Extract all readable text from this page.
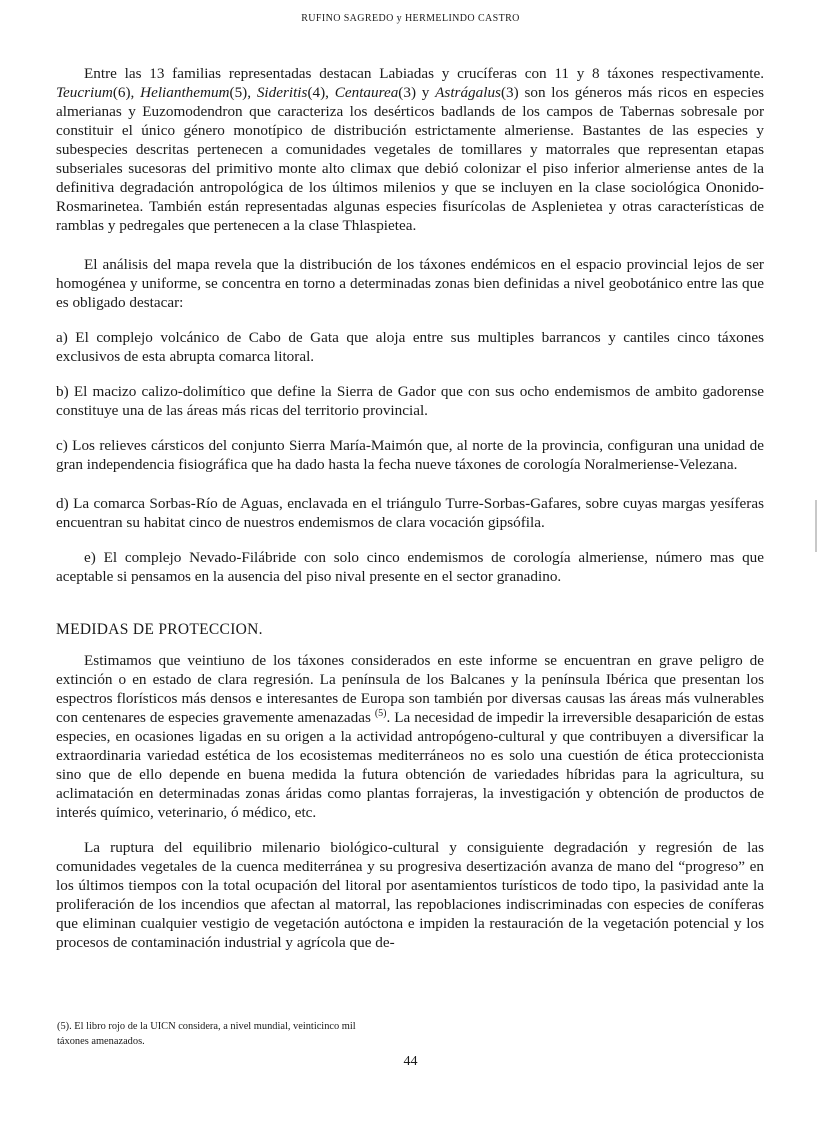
RUFINO SAGREDO y HERMELINDO CASTRO

Entre las 13 familias representadas destacan Labiadas y crucíferas con 11 y 8 táxones respectivamente. Teucrium(6), Helianthemum(5), Sideritis(4), Centaurea(3) y Astrágalus(3) son los géneros más ricos en especies almerianas y Euzomodendron que caracteriza los desérticos badlands de los campos de Tabernas sobresale por constituir el único género monotípico de distribución estrictamente almeriense. Bastantes de las especies y subespecies descritas pertenecen a comunidades vegetales de tomillares y matorrales que representan etapas subseriales sucesoras del primitivo monte alto climax que debió colonizar el piso inferior almeriense antes de la definitiva degradación antropológica de los últimos milenios y que se incluyen en la clase sociológica Ononido-Rosmarinetea. También están representadas algunas especies fisurícolas de Asplenietea y otras características de ramblas y pedregales que pertenecen a la clase Thlaspietea.

El análisis del mapa revela que la distribución de los táxones endémicos en el espacio provincial lejos de ser homogénea y uniforme, se concentra en torno a determinadas zonas bien definidas a nivel geobotánico entre las que es obligado destacar:

a) El complejo volcánico de Cabo de Gata que aloja entre sus multiples barrancos y cantiles cinco táxones exclusivos de esta abrupta comarca litoral.

b) El macizo calizo-dolimítico que define la Sierra de Gador que con sus ocho endemismos de ambito gadorense constituye una de las áreas más ricas del territorio provincial.

c) Los relieves cársticos del conjunto Sierra María-Maimón que, al norte de la provincia, configuran una unidad de gran independencia fisiográfica que ha dado hasta la fecha nueve táxones de corología Noralmeriense-Velezana.

d) La comarca Sorbas-Río de Aguas, enclavada en el triángulo Turre-Sorbas-Gafares, sobre cuyas margas yesíferas encuentran su habitat cinco de nuestros endemismos de clara vocación gipsófila.

e) El complejo Nevado-Filábride con solo cinco endemismos de corología almeriense, número mas que aceptable si pensamos en la ausencia del piso nival presente en el sector granadino.

MEDIDAS DE PROTECCION.

Estimamos que veintiuno de los táxones considerados en este informe se encuentran en grave peligro de extinción o en estado de clara regresión. La península de los Balcanes y la península Ibérica que presentan los espectros florísticos más densos e interesantes de Europa son también por diversas causas las áreas más vulnerables con centenares de especies gravemente amenazadas $^{(5)}$. La necesidad de impedir la irreversible desaparición de estas especies, en ocasiones ligadas en su origen a la actividad antropógeno-cultural y que contribuyen a diversificar la extraordinaria variedad estética de los ecosistemas mediterráneos no es solo una cuestión de ética proteccionista sino que de ello depende en buena medida la futura obtención de variedades híbridas para la agricultura, su aclimatación en determinadas zonas áridas como plantas forrajeras, la investigación y obtención de productos de interés químico, veterinario, ó médico, etc.

La ruptura del equilibrio milenario biológico-cultural y consiguiente degradación y regresión de las comunidades vegetales de la cuenca mediterránea y su progresiva desertización avanza de mano del “progreso” en los últimos tiempos con la total ocupación del litoral por asentamientos turísticos de todo tipo, la pasividad ante la proliferación de los incendios que afectan al matorral, las repoblaciones indiscriminadas con especies de coníferas que eliminan cualquier vestigio de vegetación autóctona e impiden la restauración de la vegetación potencial y los procesos de contaminación industrial y agrícola que de-

(5). El libro rojo de la UICN considera, a nivel mundial, veinticinco mil táxones amenazados.
44
